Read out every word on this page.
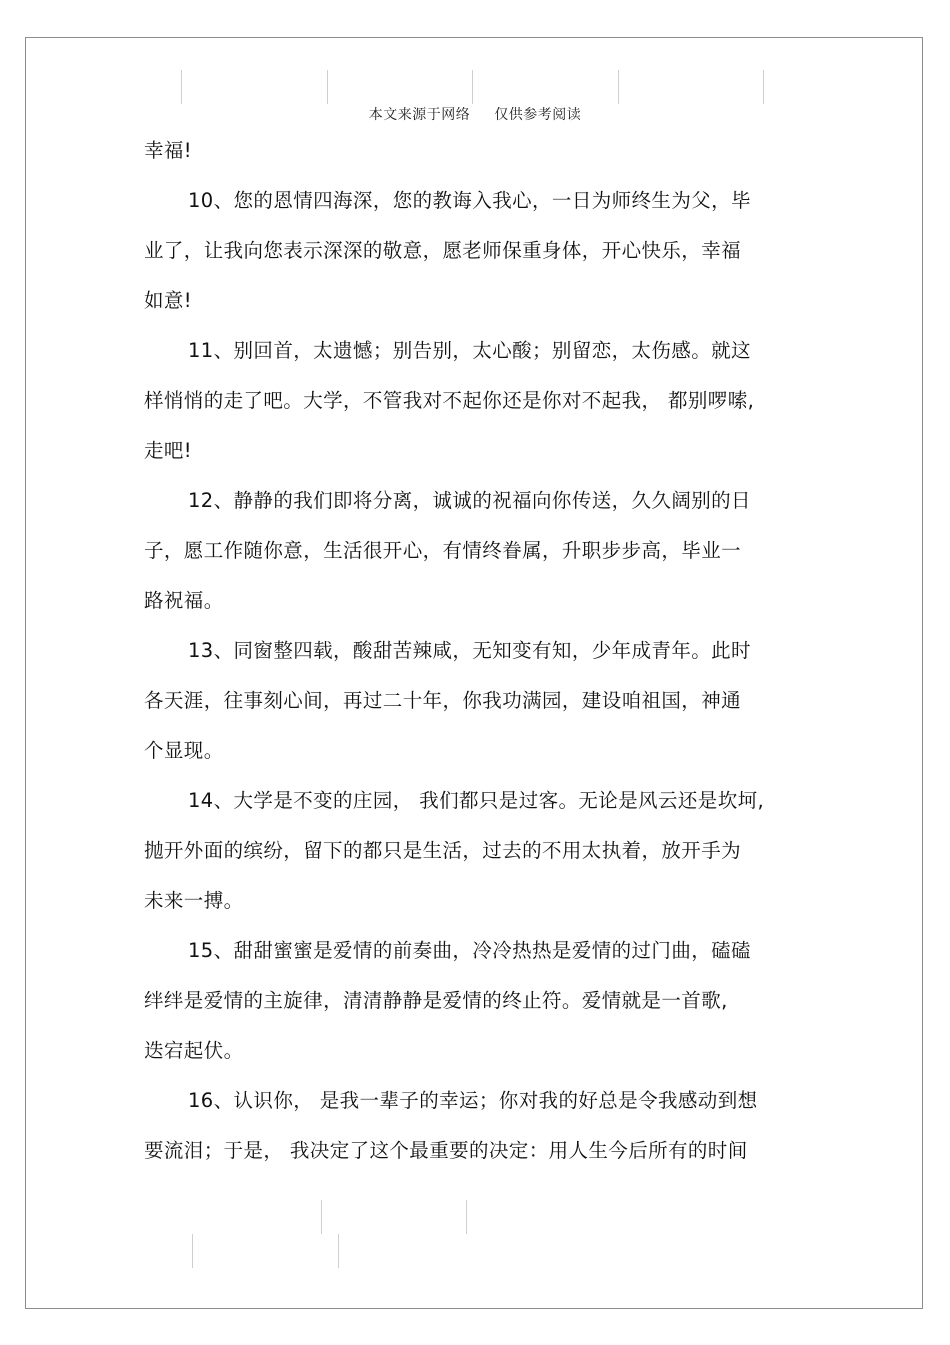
本文来源于网络 仅供参考阅读
幸福!
10、您的恩情四海深，您的教诲入我心，一日为师终生为父，毕
业了，让我向您表示深深的敬意，愿老师保重身体，开心快乐，幸福
如意!
11、别回首，太遗憾；别告别，太心酸；别留恋，太伤感。就这
样悄悄的走了吧。大学，不管我对不起你还是你对不起我， 都别啰嗦,
走吧!
12、静静的我们即将分离，诚诚的祝福向你传送，久久阔别的日
子，愿工作随你意，生活很开心，有情终眷属，升职步步高，毕业一
路祝福。
13、同窗整四载，酸甜苦辣咸，无知变有知，少年成青年。此时
各天涯，往事刻心间，再过二十年，你我功满园，建设咱祖国，神通
个显现。
14、大学是不变的庄园， 我们都只是过客。无论是风云还是坎坷,
抛开外面的缤纷，留下的都只是生活，过去的不用太执着，放开手为
未来一搏。
15、甜甜蜜蜜是爱情的前奏曲，冷冷热热是爱情的过门曲，磕磕
绊绊是爱情的主旋律，清清静静是爱情的终止符。爱情就是一首歌,
迭宕起伏。
16、认识你， 是我一辈子的幸运；你对我的好总是令我感动到想
要流泪；于是， 我决定了这个最重要的决定：用人生今后所有的时间
